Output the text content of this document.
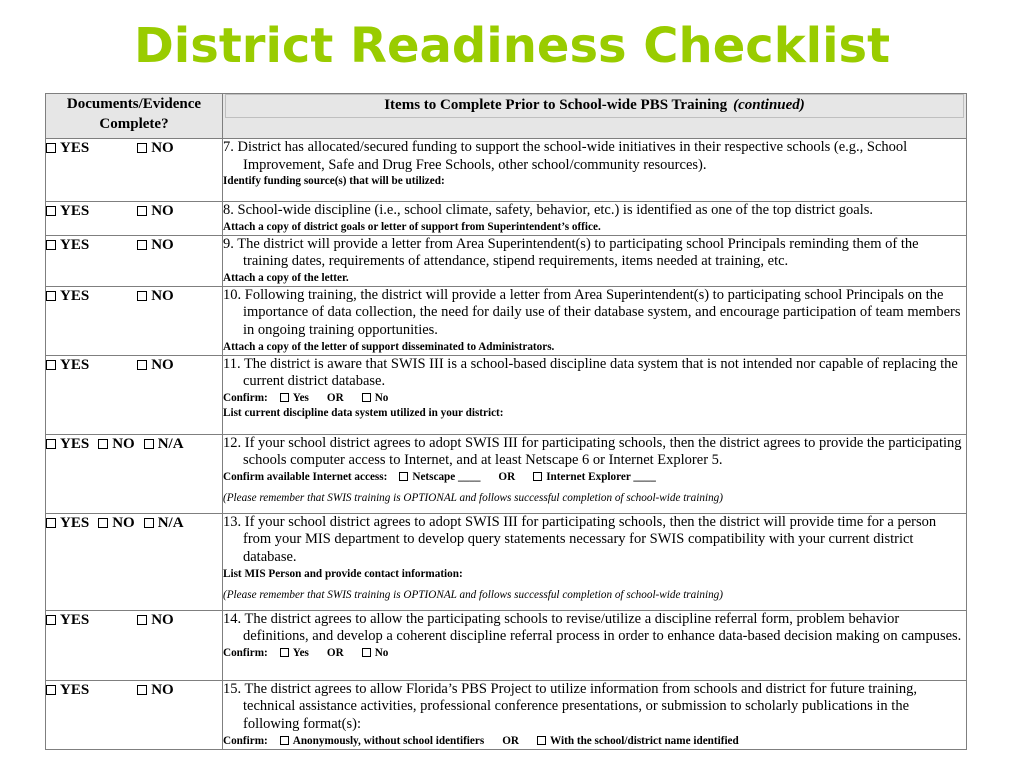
District Readiness Checklist
Documents/Evidence Complete?	Items to Complete Prior to School-wide PBS Training (continued)

YES NO	7. District has allocated/secured funding to support the school-wide initiatives in their respective schools (e.g., School Improvement, Safe and Drug Free Schools, other school/community resources).
Identify funding source(s) that will be utilized:

YES NO	8. School-wide discipline (i.e., school climate, safety, behavior, etc.) is identified as one of the top district goals.
Attach a copy of district goals or letter of support from Superintendent’s office.

YES NO	9. The district will provide a letter from Area Superintendent(s) to participating school Principals reminding them of the training dates, requirements of attendance, stipend requirements, items needed at training, etc.
Attach a copy of the letter.

YES NO	10. Following training, the district will provide a letter from Area Superintendent(s) to participating school Principals on the importance of data collection, the need for daily use of their database system, and encourage participation of team members in ongoing training opportunities.
Attach a copy of the letter of support disseminated to Administrators.

YES NO	11. The district is aware that SWIS III is a school-based discipline data system that is not intended nor capable of replacing the current district database.
Confirm: Yes OR No
List current discipline data system utilized in your district:

YES NO N/A	12. If your school district agrees to adopt SWIS III for participating schools, then the district agrees to provide the participating schools computer access to Internet, and at least Netscape 6 or Internet Explorer 5.
Confirm available Internet access: Netscape ____ OR Internet Explorer ____
(Please remember that SWIS training is OPTIONAL and follows successful completion of school-wide training)

YES NO N/A	13. If your school district agrees to adopt SWIS III for participating schools, then the district will provide time for a person from your MIS department to develop query statements necessary for SWIS compatibility with your current district database.
List MIS Person and provide contact information:
(Please remember that SWIS training is OPTIONAL and follows successful completion of school-wide training)

YES NO	14. The district agrees to allow the participating schools to revise/utilize a discipline referral form, problem behavior definitions, and develop a coherent discipline referral process in order to enhance data-based decision making on campuses.
Confirm: Yes OR No

YES NO	15. The district agrees to allow Florida’s PBS Project to utilize information from schools and district for future training, technical assistance activities, professional conference presentations, or submission to scholarly publications in the following format(s):
Confirm: Anonymously, without school identifiers OR With the school/district name identified
